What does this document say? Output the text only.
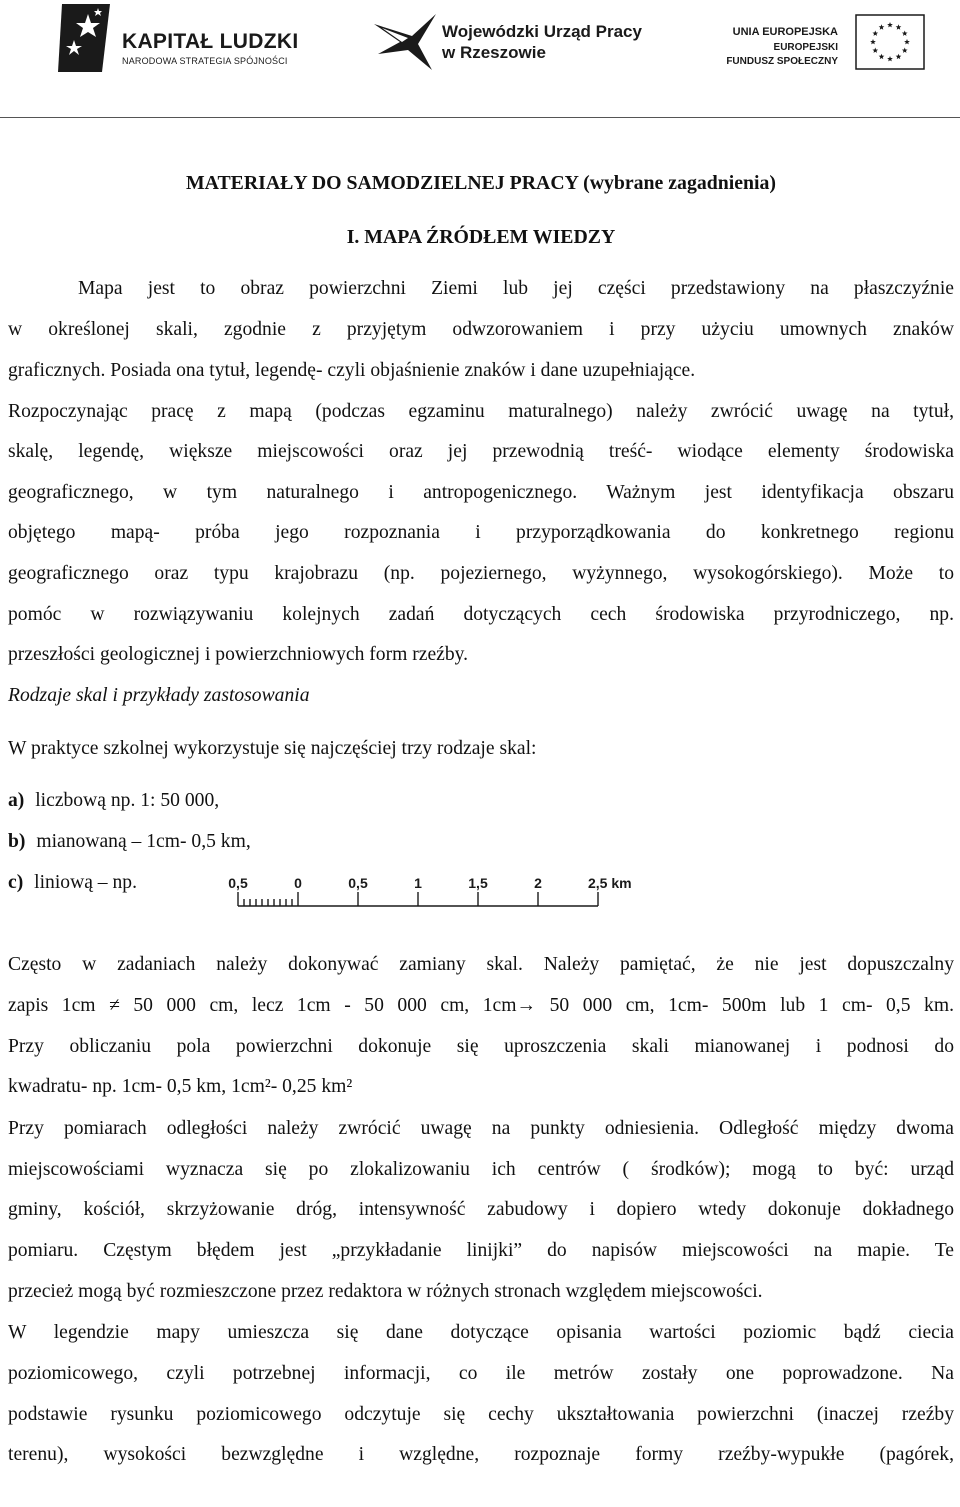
KAPITAŁ LUDZKI
NARODOWA STRATEGIA SPÓJNOŚCI
Wojewódzki Urząd Pracy
w Rzeszowie
UNIA EUROPEJSKA
EUROPEJSKI
FUNDUSZ SPOŁECZNY
MATERIAŁY DO SAMODZIELNEJ PRACY (wybrane zagadnienia)
I. MAPA ŹRÓDŁEM WIEDZY
Mapa jest to obraz powierzchni Ziemi lub jej części przedstawiony na płaszczyźnie
w określonej skali, zgodnie z przyjętym odwzorowaniem i przy użyciu umownych znaków
graficznych. Posiada ona tytuł, legendę- czyli objaśnienie znaków i dane uzupełniające.
Rozpoczynając pracę z mapą (podczas egzaminu maturalnego) należy zwrócić uwagę na tytuł,
skalę, legendę, większe miejscowości oraz jej przewodnią treść- wiodące elementy środowiska
geograficznego, w tym naturalnego i antropogenicznego. Ważnym jest identyfikacja obszaru
objętego mapą- próba jego rozpoznania i przyporządkowania do konkretnego regionu
geograficznego oraz typu krajobrazu (np. pojeziernego, wyżynnego, wysokogórskiego). Może to
pomóc w rozwiązywaniu kolejnych zadań dotyczących cech środowiska przyrodniczego, np.
przeszłości geologicznej i powierzchniowych form rzeźby.
Rodzaje skal i przykłady zastosowania
W praktyce szkolnej wykorzystuje się najczęściej trzy rodzaje skal:
a) liczbową np. 1: 50 000,
b) mianowaną – 1cm- 0,5 km,
c) liniową – np.
Często w zadaniach należy dokonywać zamiany skal. Należy pamiętać, że nie jest dopuszczalny
zapis 1cm ≠ 50 000 cm, lecz 1cm - 50 000 cm, 1cm→ 50 000 cm, 1cm- 500m lub 1 cm- 0,5 km.
Przy obliczaniu pola powierzchni dokonuje się uproszczenia skali mianowanej i podnosi do
kwadratu- np. 1cm- 0,5 km, 1cm²- 0,25 km²
Przy pomiarach odległości należy zwrócić uwagę na punkty odniesienia. Odległość między dwoma
miejscowościami wyznacza się po zlokalizowaniu ich centrów ( środków); mogą to być: urząd
gminy, kościół, skrzyżowanie dróg, intensywność zabudowy i dopiero wtedy dokonuje dokładnego
pomiaru. Częstym błędem jest „przykładanie linijki” do napisów miejscowości na mapie. Te
przecież mogą być rozmieszczone przez redaktora w różnych stronach względem miejscowości.
W legendzie mapy umieszcza się dane dotyczące opisania wartości poziomic bądź ciecia
poziomicowego, czyli potrzebnej informacji, co ile metrów zostały one poprowadzone. Na
podstawie rysunku poziomicowego odczytuje się cechy ukształtowania powierzchni (inaczej rzeźby
terenu), wysokości bezwzględne i względne, rozpoznaje formy rzeźby-wypukłe (pagórek,
0,5	0	0,5	1	1,5	2	2,5 km
